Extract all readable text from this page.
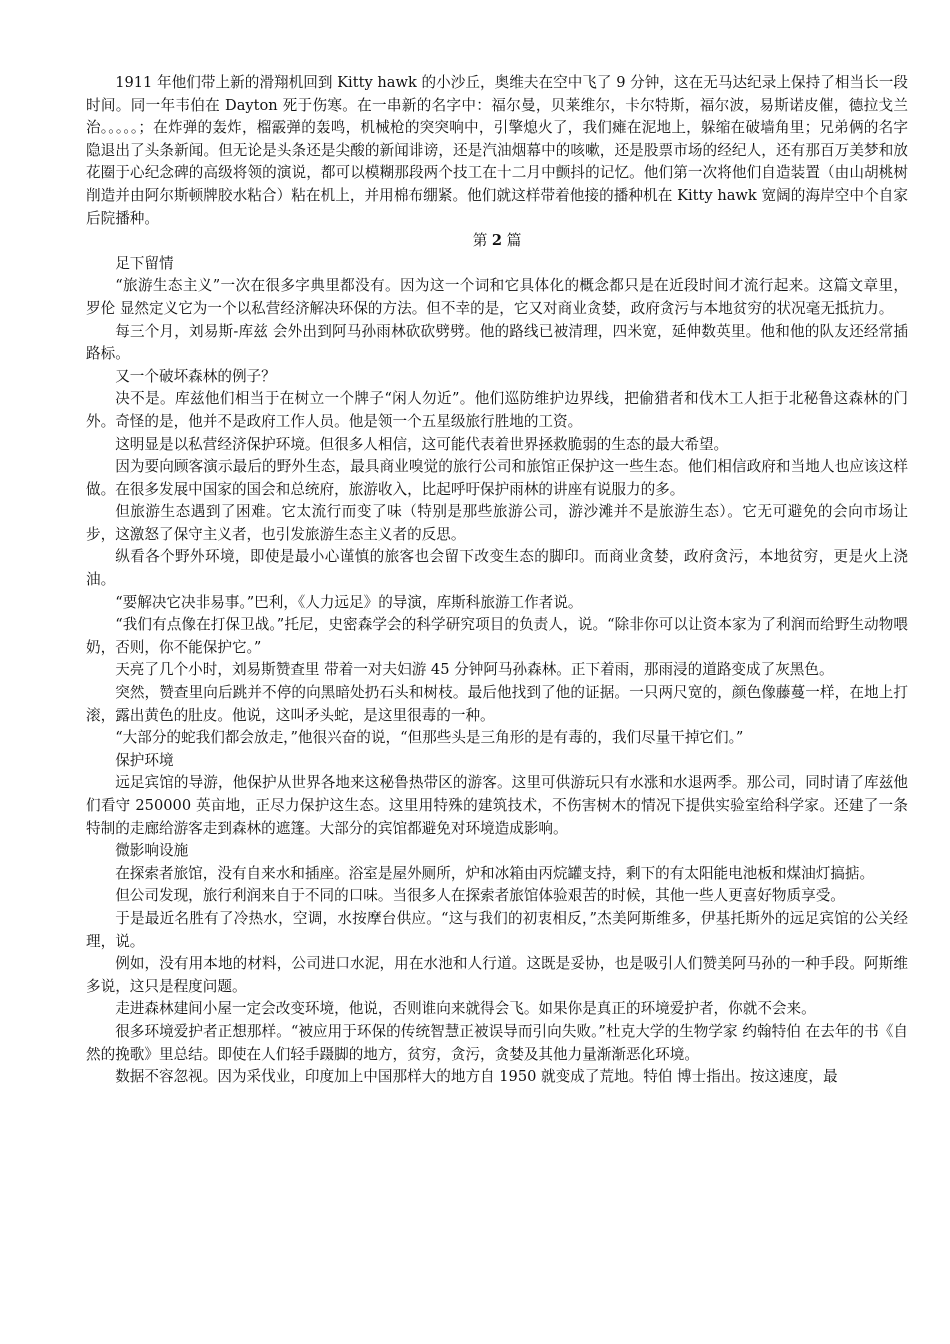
1911 年他们带上新的滑翔机回到 Kitty hawk 的小沙丘，奥维夫在空中飞了 9 分钟，这在无马达纪录上保持了相当长一段时间。同一年韦伯在 Dayton 死于伤寒。在一串新的名字中：福尔曼，贝莱维尔，卡尔特斯，福尔波，易斯诺皮催，德拉戈兰治。。。。。；在炸弹的轰炸，榴霰弹的轰鸣，机械枪的突突响中，引擎熄火了，我们瘫在泥地上，躲缩在破墙角里；兄弟俩的名字隐退出了头条新闻。但无论是头条还是尖酸的新闻诽谤，还是汽油烟幕中的咳嗽，还是股票市场的经纪人，还有那百万美梦和放花圈于心纪念碑的高级将领的演说，都可以模糊那段两个技工在十二月中颤抖的记忆。他们第一次将他们自造装置（由山胡桃树削造并由阿尔斯顿牌胶水粘合）粘在机上，并用棉布绷紧。他们就这样带着他接的播种机在 Kitty hawk 宽阔的海岸空中个自家后院播种。

第 2 篇

足下留情

“旅游生态主义”一次在很多字典里都没有。因为这一个词和它具体化的概念都只是在近段时间才流行起来。这篇文章里， 罗伦 显然定义它为一个以私营经济解决环保的方法。但不幸的是，它又对商业贪婪，政府贪污与本地贫穷的状况毫无抵抗力。

每三个月，刘易斯-库兹 会外出到阿马孙雨林砍砍劈劈。他的路线已被清理，四米宽，延伸数英里。他和他的队友还经常插路标。

又一个破坏森林的例子？

决不是。库兹他们相当于在树立一个牌子“闲人勿近”。他们巡防维护边界线，把偷猎者和伐木工人拒于北秘鲁这森林的门外。奇怪的是，他并不是政府工作人员。他是领一个五星级旅行胜地的工资。

这明显是以私营经济保护环境。但很多人相信，这可能代表着世界拯救脆弱的生态的最大希望。

因为要向顾客演示最后的野外生态，最具商业嗅觉的旅行公司和旅馆正保护这一些生态。他们相信政府和当地人也应该这样做。在很多发展中国家的国会和总统府，旅游收入，比起呼吁保护雨林的讲座有说服力的多。

但旅游生态遇到了困难。它太流行而变了味（特别是那些旅游公司，游沙滩并不是旅游生态）。它无可避免的会向市场让步，这激怒了保守主义者，也引发旅游生态主义者的反思。

纵看各个野外环境，即使是最小心谨慎的旅客也会留下改变生态的脚印。而商业贪婪，政府贪污，本地贫穷，更是火上浇油。

“要解决它决非易事。”巴利，《人力远足》的导演，库斯科旅游工作者说。

“我们有点像在打保卫战。”托尼，史密森学会的科学研究项目的负责人，说。“除非你可以让资本家为了利润而给野生动物喂奶，否则，你不能保护它。”

天亮了几个小时，刘易斯赞查里 带着一对夫妇游 45 分钟阿马孙森林。正下着雨，那雨浸的道路变成了灰黑色。

突然，赞查里向后跳并不停的向黑暗处扔石头和树枝。最后他找到了他的证据。一只两尺宽的，颜色像藤蔓一样，在地上打滚，露出黄色的肚皮。他说，这叫矛头蛇，是这里很毒的一种。

“大部分的蛇我们都会放走，”他很兴奋的说，“但那些头是三角形的是有毒的，我们尽量干掉它们。”

保护环境

远足宾馆的导游，他保护从世界各地来这秘鲁热带区的游客。这里可供游玩只有水涨和水退两季。那公司，同时请了库兹他们看守 250000 英亩地，正尽力保护这生态。这里用特殊的建筑技术，不伤害树木的情况下提供实验室给科学家。还建了一条特制的走廊给游客走到森林的遮篷。大部分的宾馆都避免对环境造成影响。

微影响设施

在探索者旅馆，没有自来水和插座。浴室是屋外厕所，炉和冰箱由丙烷罐支持，剩下的有太阳能电池板和煤油灯搞掂。

但公司发现，旅行利润来自于不同的口味。当很多人在探索者旅馆体验艰苦的时候，其他一些人更喜好物质享受。

于是最近名胜有了冷热水，空调，水按摩台供应。“这与我们的初衷相反，”杰美阿斯维多，伊基托斯外的远足宾馆的公关经理，说。

例如，没有用本地的材料，公司进口水泥，用在水池和人行道。这既是妥协，也是吸引人们赞美阿马孙的一种手段。阿斯维多说，这只是程度问题。

走进森林建间小屋一定会改变环境，他说，否则谁向来就得会飞。如果你是真正的环境爱护者，你就不会来。

很多环境爱护者正想那样。“被应用于环保的传统智慧正被误导而引向失败。”杜克大学的生物学家 约翰特伯 在去年的书《自然的挽歌》里总结。即使在人们轻手蹑脚的地方，贫穷，贪污，贪婪及其他力量渐渐恶化环境。

数据不容忽视。因为采伐业，印度加上中国那样大的地方自 1950 就变成了荒地。特伯 博士指出。按这速度，最
